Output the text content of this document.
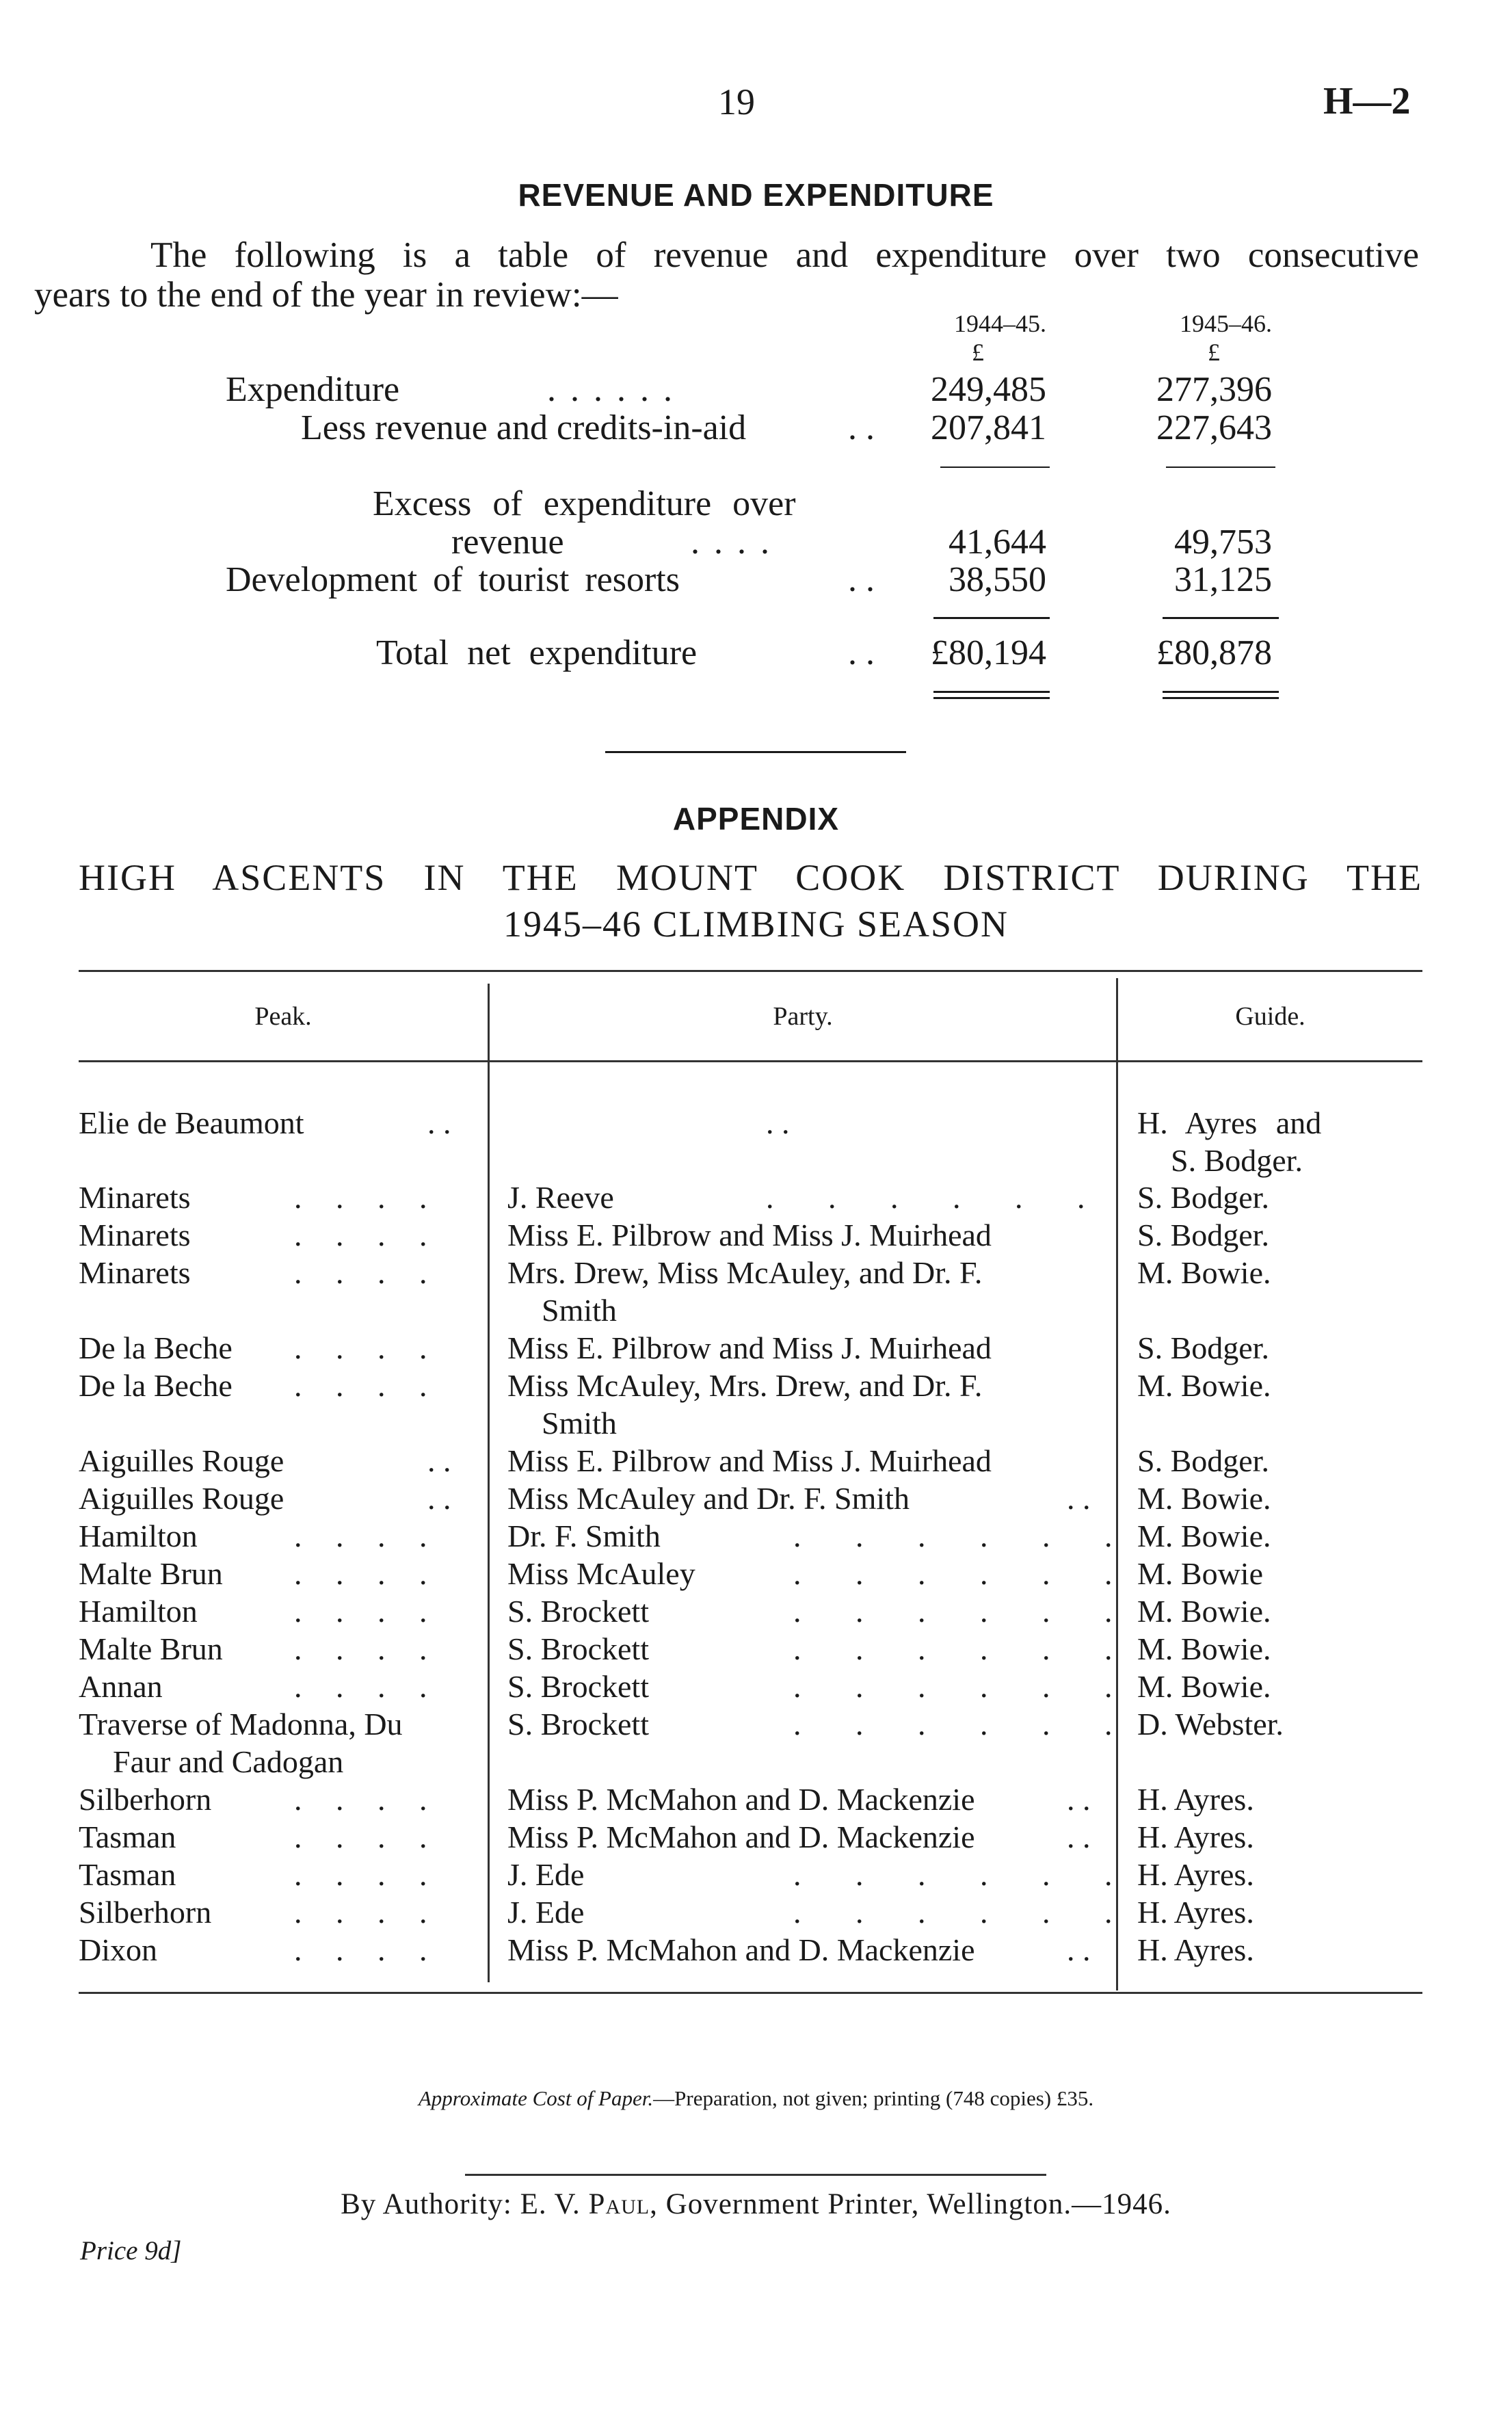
19	H—2
REVENUE AND EXPENDITURE
The following is a table of revenue and expenditure over two consecutive
years to the end of the year in review:—
1944–45.	1945–46.
£	£
Expenditure	. . . . . .	249,485	277,396
Less revenue and credits-in-aid	. .	207,841	227,643
Excess of expenditure over
revenue	. . . .	41,644	49,753
Development of tourist resorts	. .	38,550	31,125
Total net expenditure	. .	£80,194	£80,878
APPENDIX
HIGH ASCENTS IN THE MOUNT COOK DISTRICT DURING THE
1945–46 CLIMBING SEASON
Peak.	Party.	Guide.
Elie de Beaumont	. .	. .	H. Ayres and
S. Bodger.
Minarets	. . . . J. Reeve	. . . . . . S. Bodger.
Minarets	. . . . Miss E. Pilbrow and Miss J. Muirhead	S. Bodger.
Minarets	. . . . Mrs. Drew, Miss McAuley, and Dr. F.	M. Bowie.
Smith
De la Beche . . . . Miss E. Pilbrow and Miss J. Muirhead	S. Bodger.
De la Beche . . . . Miss McAuley, Mrs. Drew, and Dr. F.	M. Bowie.
Smith
Aiguilles Rouge	. . Miss E. Pilbrow and Miss J. Muirhead	S. Bodger.
Aiguilles Rouge	. . Miss McAuley and Dr. F. Smith	. . M. Bowie.
Hamilton	. . . . Dr. F. Smith	. . . . . . M. Bowie.
Malte Brun . . . . Miss McAuley	. . . . . . M. Bowie
Hamilton	. . . . S. Brockett	. . . . . . M. Bowie.
Malte Brun . . . . S. Brockett	. . . . . . M. Bowie.
Annan	. . . . S. Brockett	. . . . . . M. Bowie.
Traverse of Madonna, Du	S. Brockett	. . . . . . D. Webster.
Faur and Cadogan
Silberhorn	. . . . Miss P. McMahon and D. Mackenzie	. . H. Ayres.
Tasman	. . . . Miss P. McMahon and D. Mackenzie	. . H. Ayres.
Tasman	. . . . J. Ede	. . . . . . H. Ayres.
Silberhorn	. . . . J. Ede	. . . . . . H. Ayres.
Dixon	. . . . Miss P. McMahon and D. Mackenzie	. . H. Ayres.
Approximate Cost of Paper.—Preparation, not given; printing (748 copies) £35.
By Authority: E. V. Paul, Government Printer, Wellington.—1946.
Price 9d]
